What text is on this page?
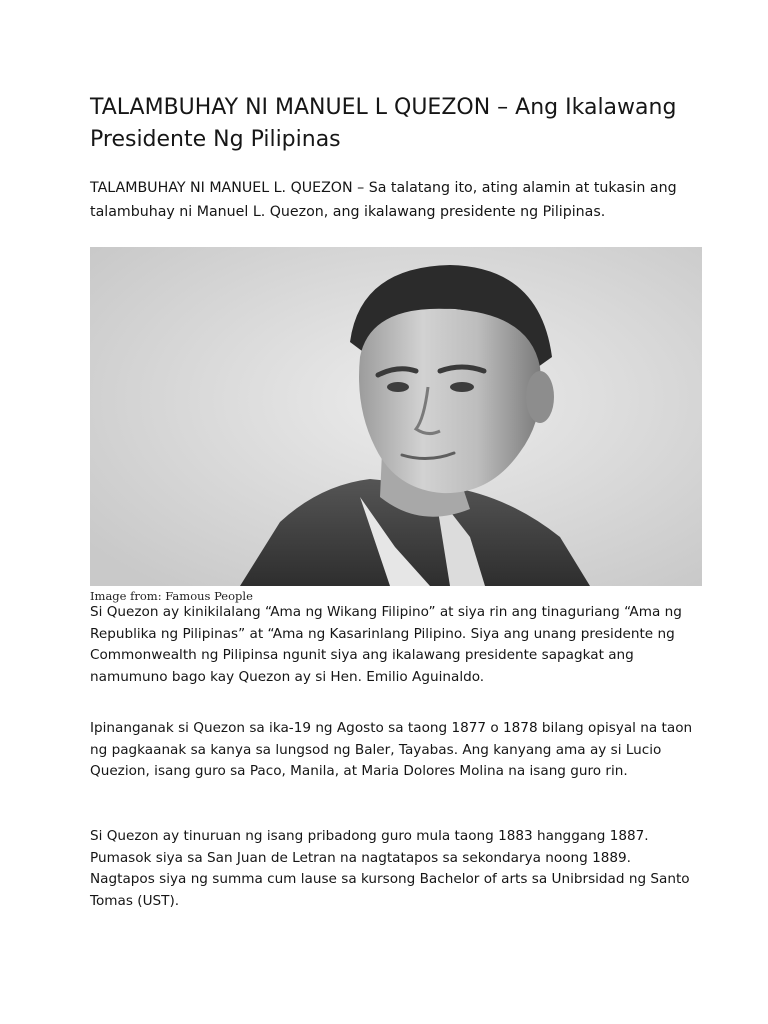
TALAMBUHAY NI MANUEL L QUEZON – Ang Ikalawang Presidente Ng Pilipinas

TALAMBUHAY NI MANUEL L. QUEZON – Sa talatang ito, ating alamin at tukasin ang talambuhay ni Manuel L. Quezon, ang ikalawang presidente ng Pilipinas.

Image from: Famous People

Si Quezon ay kinikilalang “Ama ng Wikang Filipino” at siya rin ang tinaguriang “Ama ng Republika ng Pilipinas” at “Ama ng Kasarinlang Pilipino. Siya ang unang presidente ng Commonwealth ng Pilipinsa ngunit siya ang ikalawang presidente sapagkat ang namumuno bago kay Quezon ay si Hen. Emilio Aguinaldo.

Ipinanganak si Quezon sa ika-19 ng Agosto sa taong 1877 o 1878 bilang opisyal na taon ng pagkaanak sa kanya sa lungsod ng Baler, Tayabas. Ang kanyang ama ay si Lucio Quezion, isang guro sa Paco, Manila, at Maria Dolores Molina na isang guro rin.

Si Quezon ay tinuruan ng isang pribadong guro mula taong 1883 hanggang 1887. Pumasok siya sa San Juan de Letran na nagtatapos sa sekondarya noong 1889. Nagtapos siya ng summa cum lause sa kursong Bachelor of arts sa Unibrsidad ng Santo Tomas (UST).
